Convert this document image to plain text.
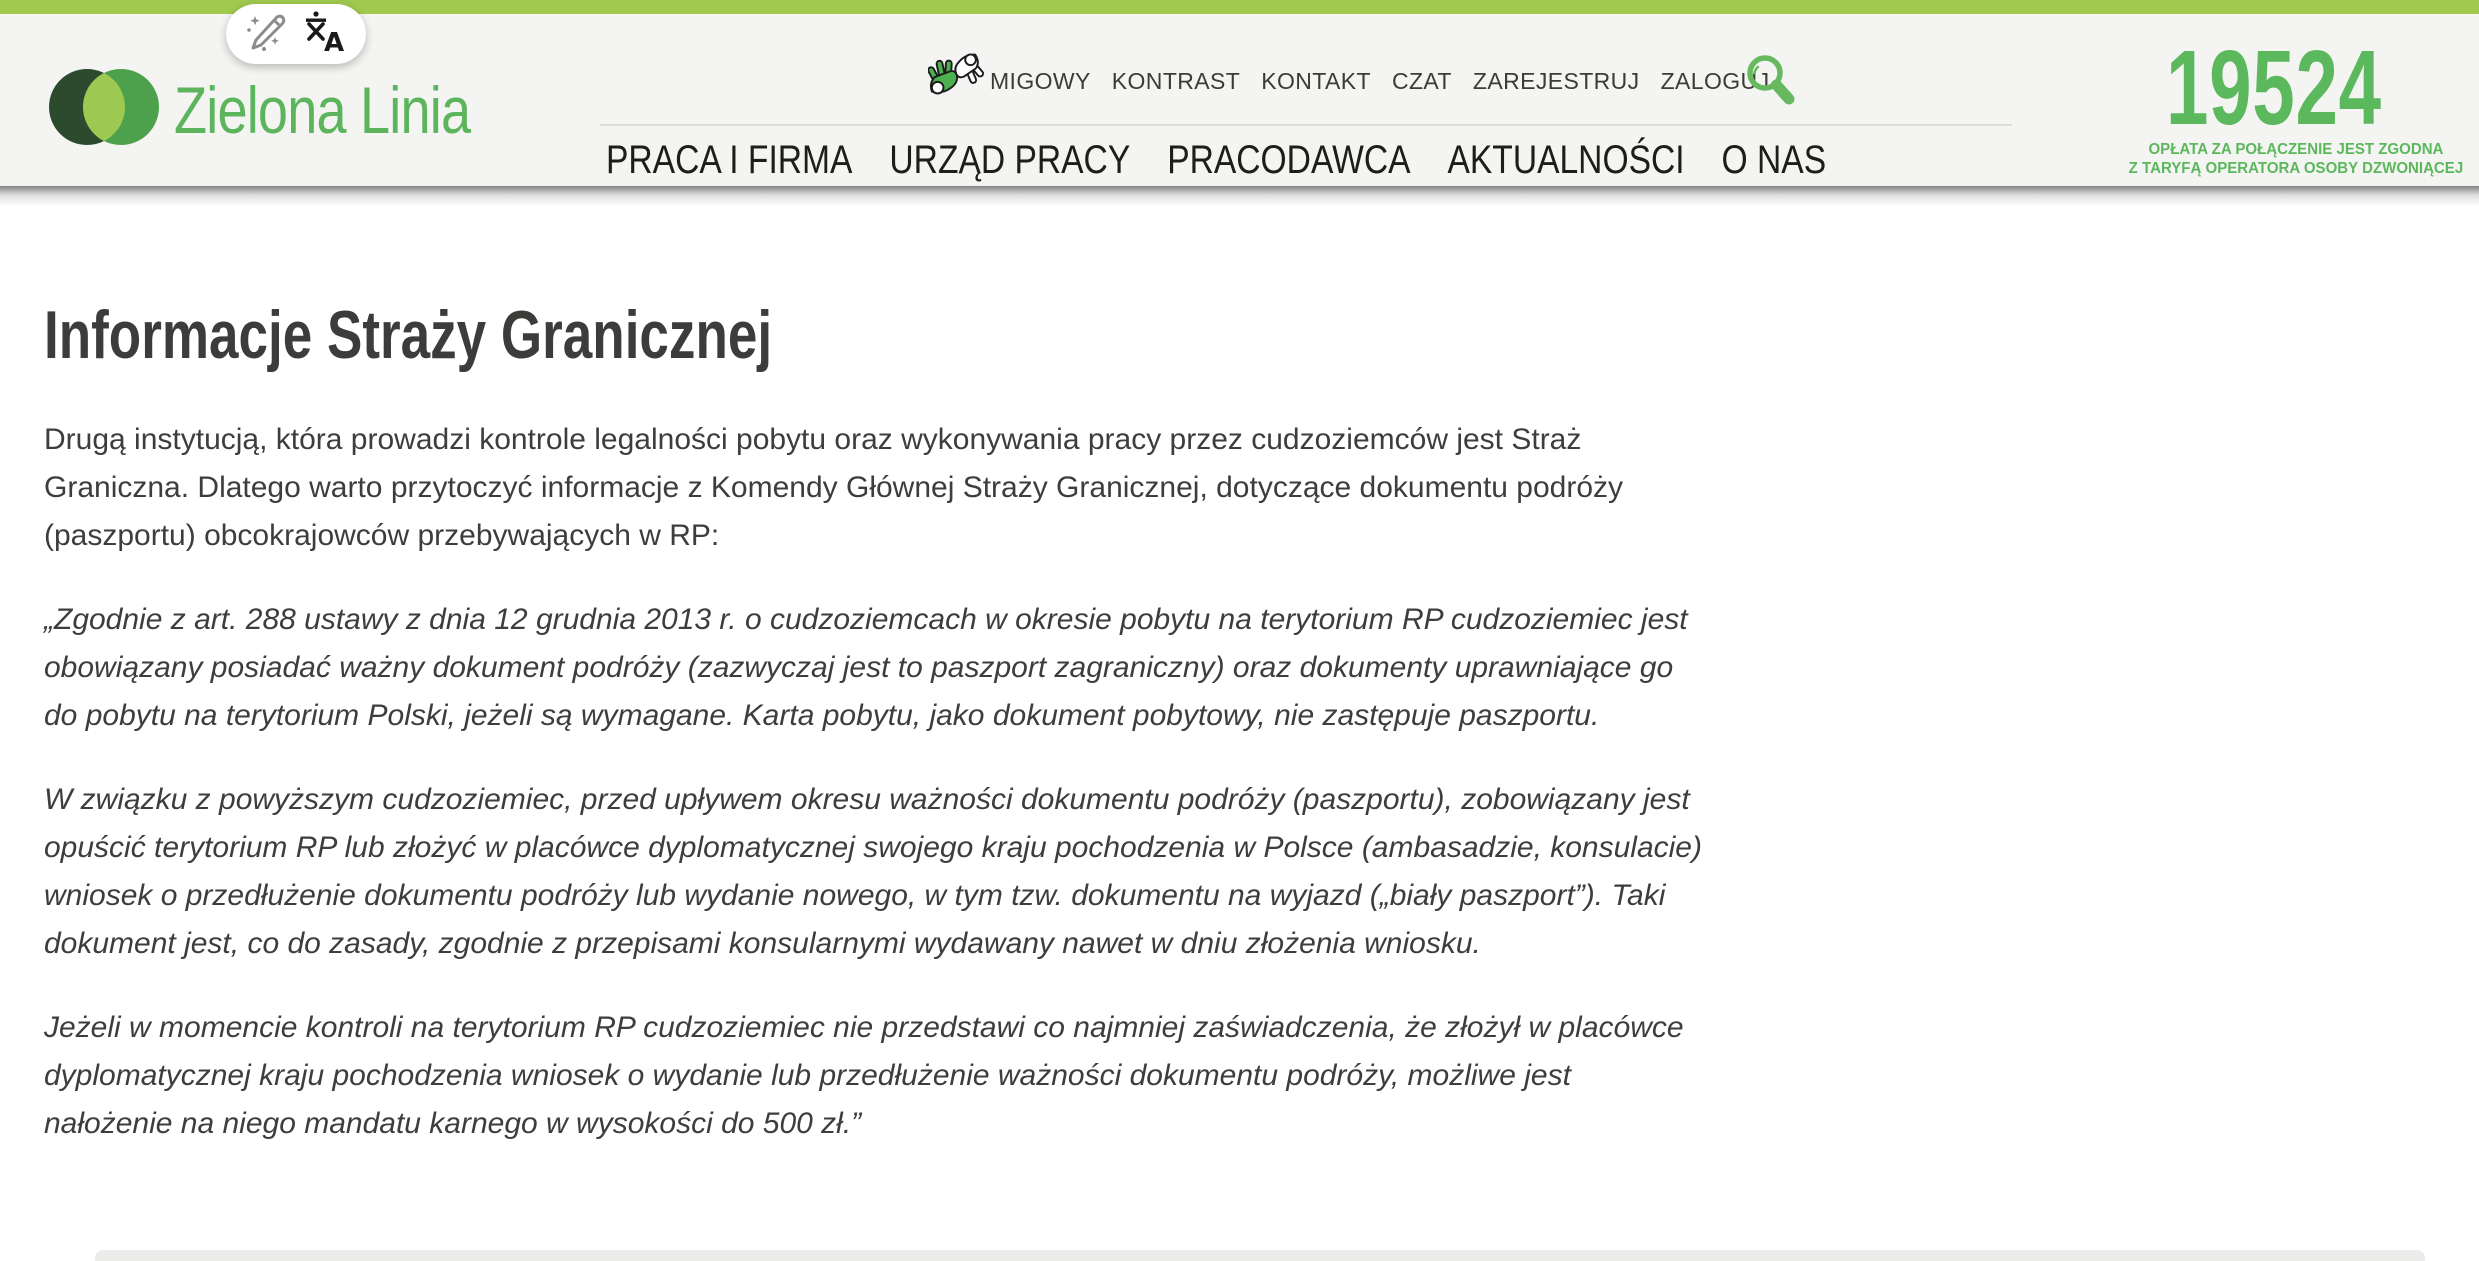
Zielona Linia	MIGOWY KONTRAST KONTAKT CZAT ZAREJESTRUJ ZALOGUJ
PRACA I FIRMA URZĄD PRACY PRACODAWCA AKTUALNOŚCI O NAS
19524
OPŁATA ZA POŁĄCZENIE JEST ZGODNA
Z TARYFĄ OPERATORA OSOBY DZWONIĄCEJ
A
Informacje Straży Granicznej

Drugą instytucją, która prowadzi kontrole legalności pobytu oraz wykonywania pracy przez cudzoziemców jest Straż Graniczna. Dlatego warto przytoczyć informacje z Komendy Głównej Straży Granicznej, dotyczące dokumentu podróży (paszportu) obcokrajowców przebywających w RP:

„Zgodnie z art. 288 ustawy z dnia 12 grudnia 2013 r. o cudzoziemcach w okresie pobytu na terytorium RP cudzoziemiec jest obowiązany posiadać ważny dokument podróży (zazwyczaj jest to paszport zagraniczny) oraz dokumenty uprawniające go do pobytu na terytorium Polski, jeżeli są wymagane. Karta pobytu, jako dokument pobytowy, nie zastępuje paszportu.

W związku z powyższym cudzoziemiec, przed upływem okresu ważności dokumentu podróży (paszportu), zobowiązany jest opuścić terytorium RP lub złożyć w placówce dyplomatycznej swojego kraju pochodzenia w Polsce (ambasadzie, konsulacie) wniosek o przedłużenie dokumentu podróży lub wydanie nowego, w tym tzw. dokumentu na wyjazd („biały paszport”). Taki dokument jest, co do zasady, zgodnie z przepisami konsularnymi wydawany nawet w dniu złożenia wniosku.

Jeżeli w momencie kontroli na terytorium RP cudzoziemiec nie przedstawi co najmniej zaświadczenia, że złożył w placówce dyplomatycznej kraju pochodzenia wniosek o wydanie lub przedłużenie ważności dokumentu podróży, możliwe jest nałożenie na niego mandatu karnego w wysokości do 500 zł.”
